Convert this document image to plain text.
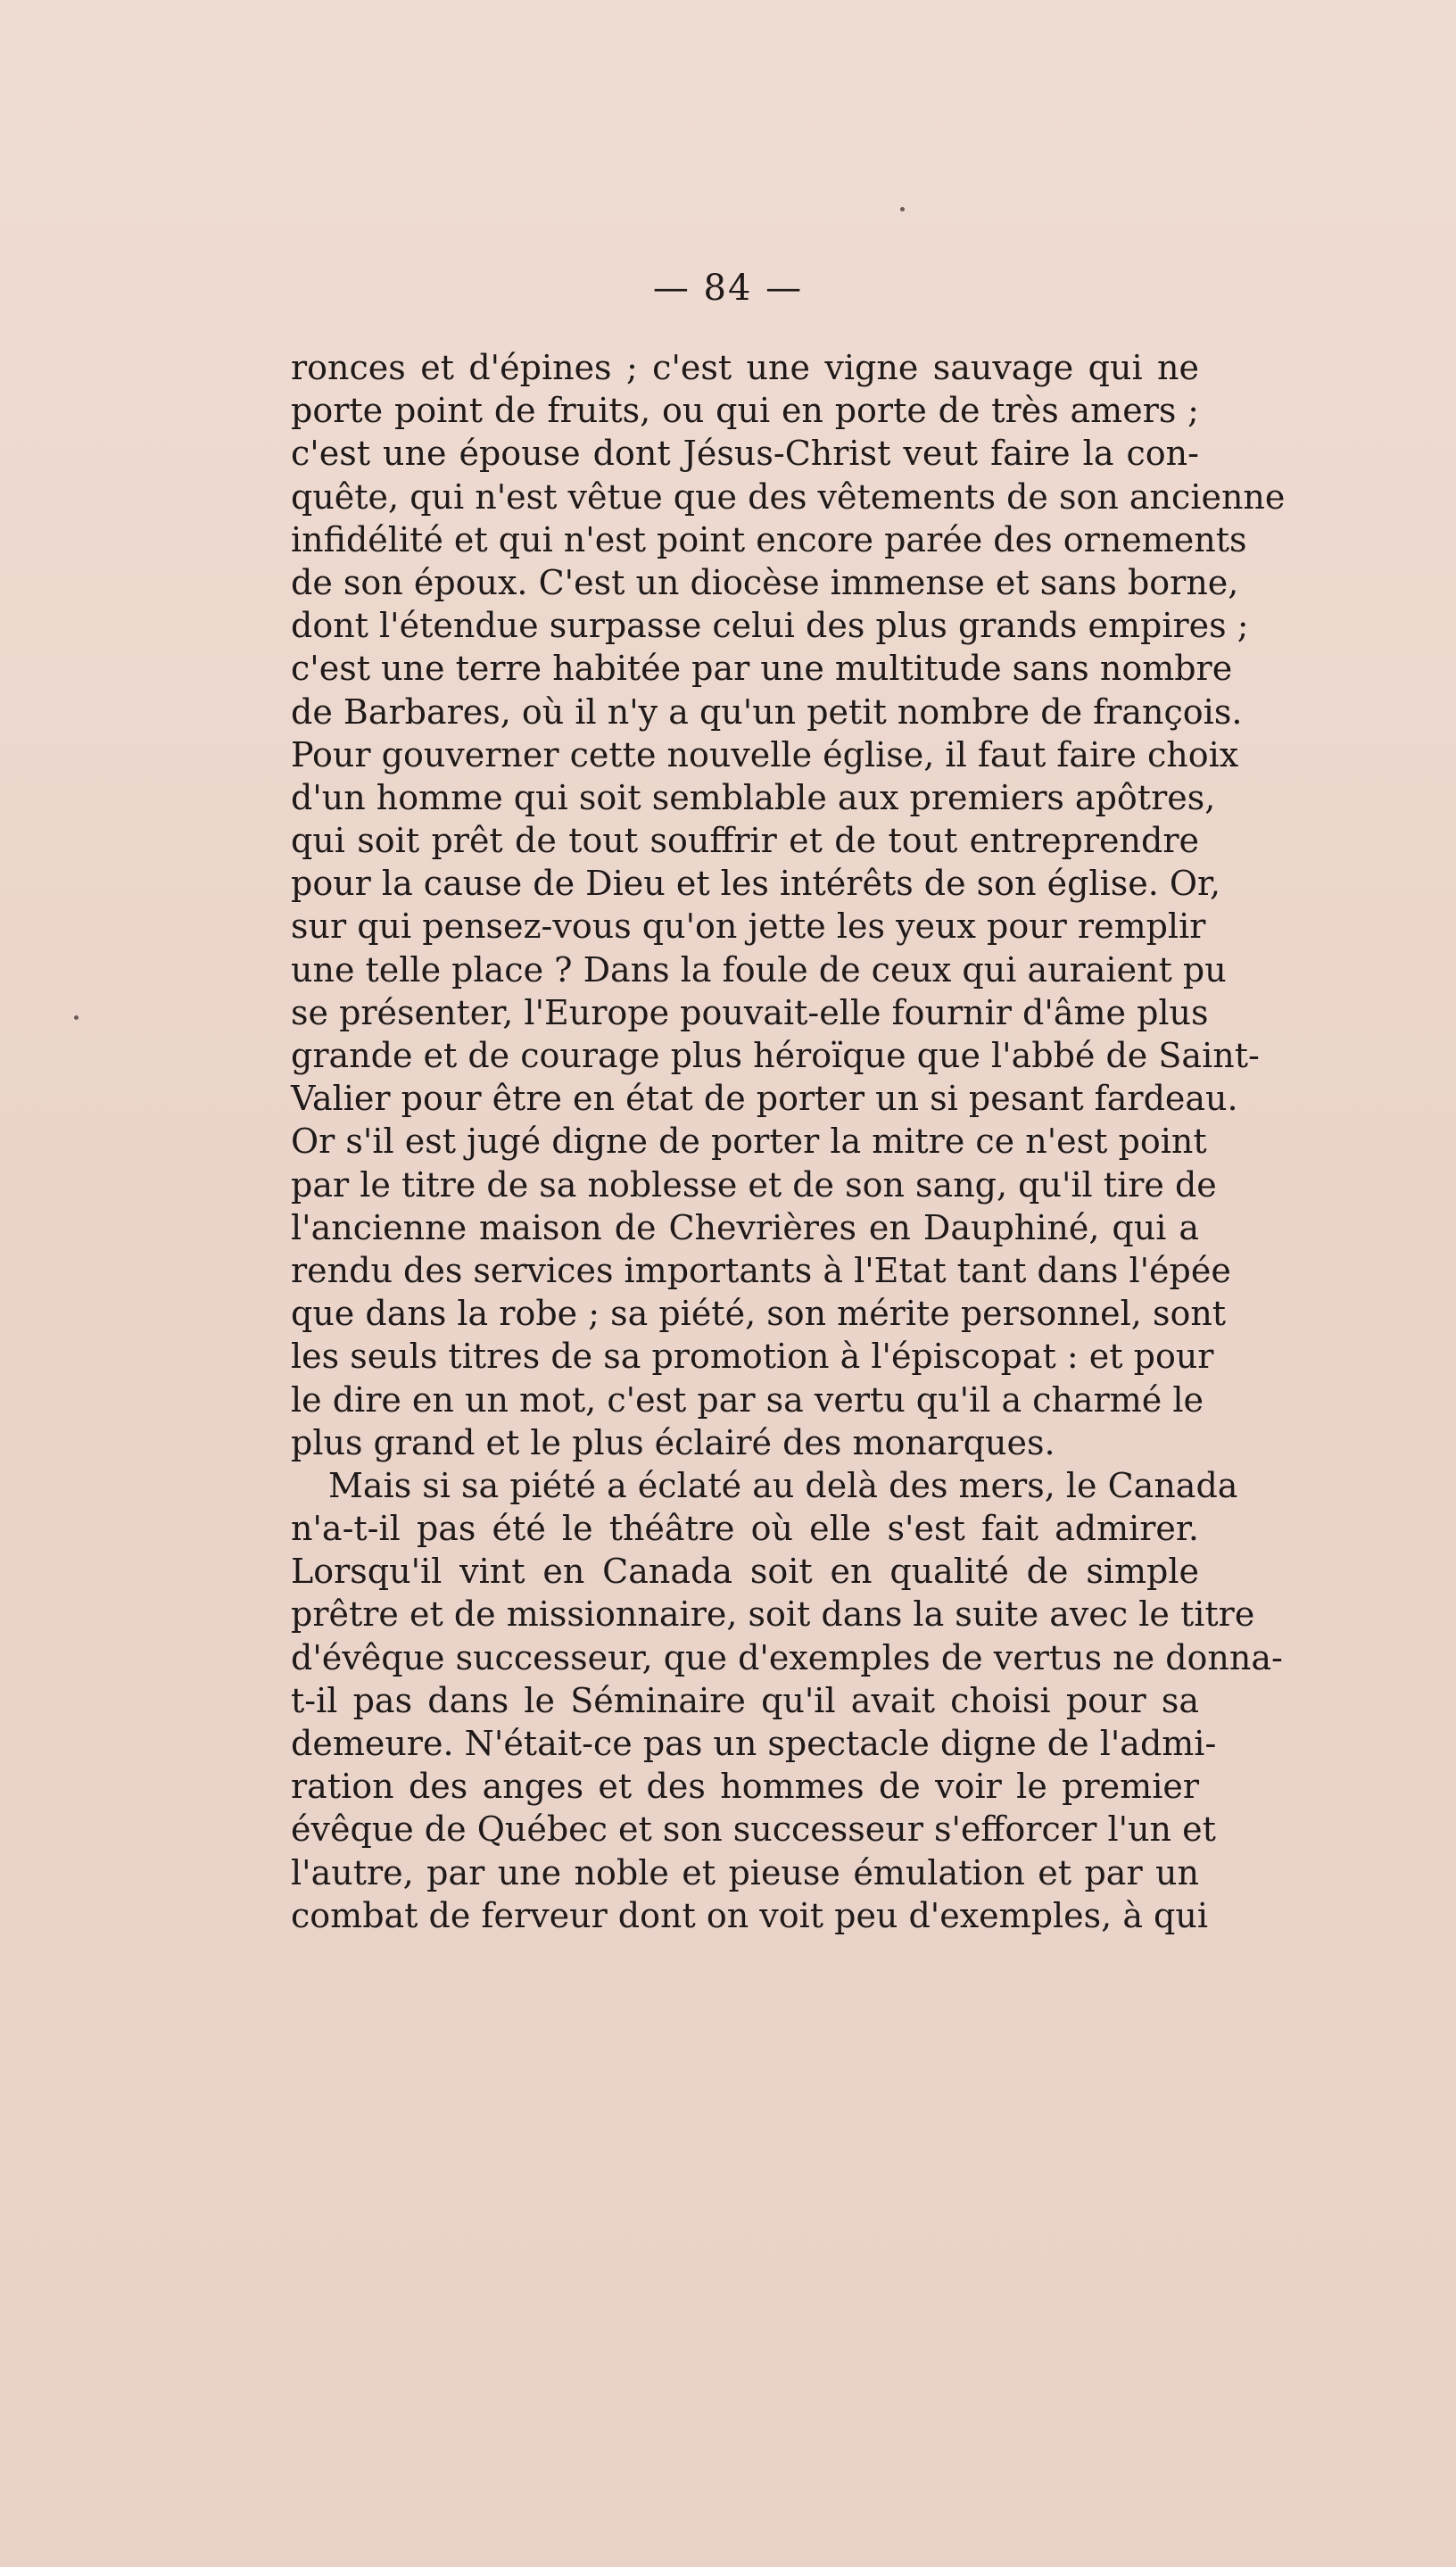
— 84 —
ronces et d'épines ; c'est une vigne sauvage qui ne
porte point de fruits, ou qui en porte de très amers ;
c'est une épouse dont Jésus-Christ veut faire la con-
quête, qui n'est vêtue que des vêtements de son ancienne
infidélité et qui n'est point encore parée des ornements
de son époux. C'est un diocèse immense et sans borne,
dont l'étendue surpasse celui des plus grands empires ;
c'est une terre habitée par une multitude sans nombre
de Barbares, où il n'y a qu'un petit nombre de françois.
Pour gouverner cette nouvelle église, il faut faire choix
d'un homme qui soit semblable aux premiers apôtres,
qui soit prêt de tout souffrir et de tout entreprendre
pour la cause de Dieu et les intérêts de son église. Or,
sur qui pensez-vous qu'on jette les yeux pour remplir
une telle place ? Dans la foule de ceux qui auraient pu
se présenter, l'Europe pouvait-elle fournir d'âme plus
grande et de courage plus héroïque que l'abbé de Saint-
Valier pour être en état de porter un si pesant fardeau.
Or s'il est jugé digne de porter la mitre ce n'est point
par le titre de sa noblesse et de son sang, qu'il tire de
l'ancienne maison de Chevrières en Dauphiné, qui a
rendu des services importants à l'Etat tant dans l'épée
que dans la robe ; sa piété, son mérite personnel, sont
les seuls titres de sa promotion à l'épiscopat : et pour
le dire en un mot, c'est par sa vertu qu'il a charmé le
plus grand et le plus éclairé des monarques.
Mais si sa piété a éclaté au delà des mers, le Canada
n'a-t-il pas été le théâtre où elle s'est fait admirer.
Lorsqu'il vint en Canada soit en qualité de simple
prêtre et de missionnaire, soit dans la suite avec le titre
d'évêque successeur, que d'exemples de vertus ne donna-
t-il pas dans le Séminaire qu'il avait choisi pour sa
demeure. N'était-ce pas un spectacle digne de l'admi-
ration des anges et des hommes de voir le premier
évêque de Québec et son successeur s'efforcer l'un et
l'autre, par une noble et pieuse émulation et par un
combat de ferveur dont on voit peu d'exemples, à qui
